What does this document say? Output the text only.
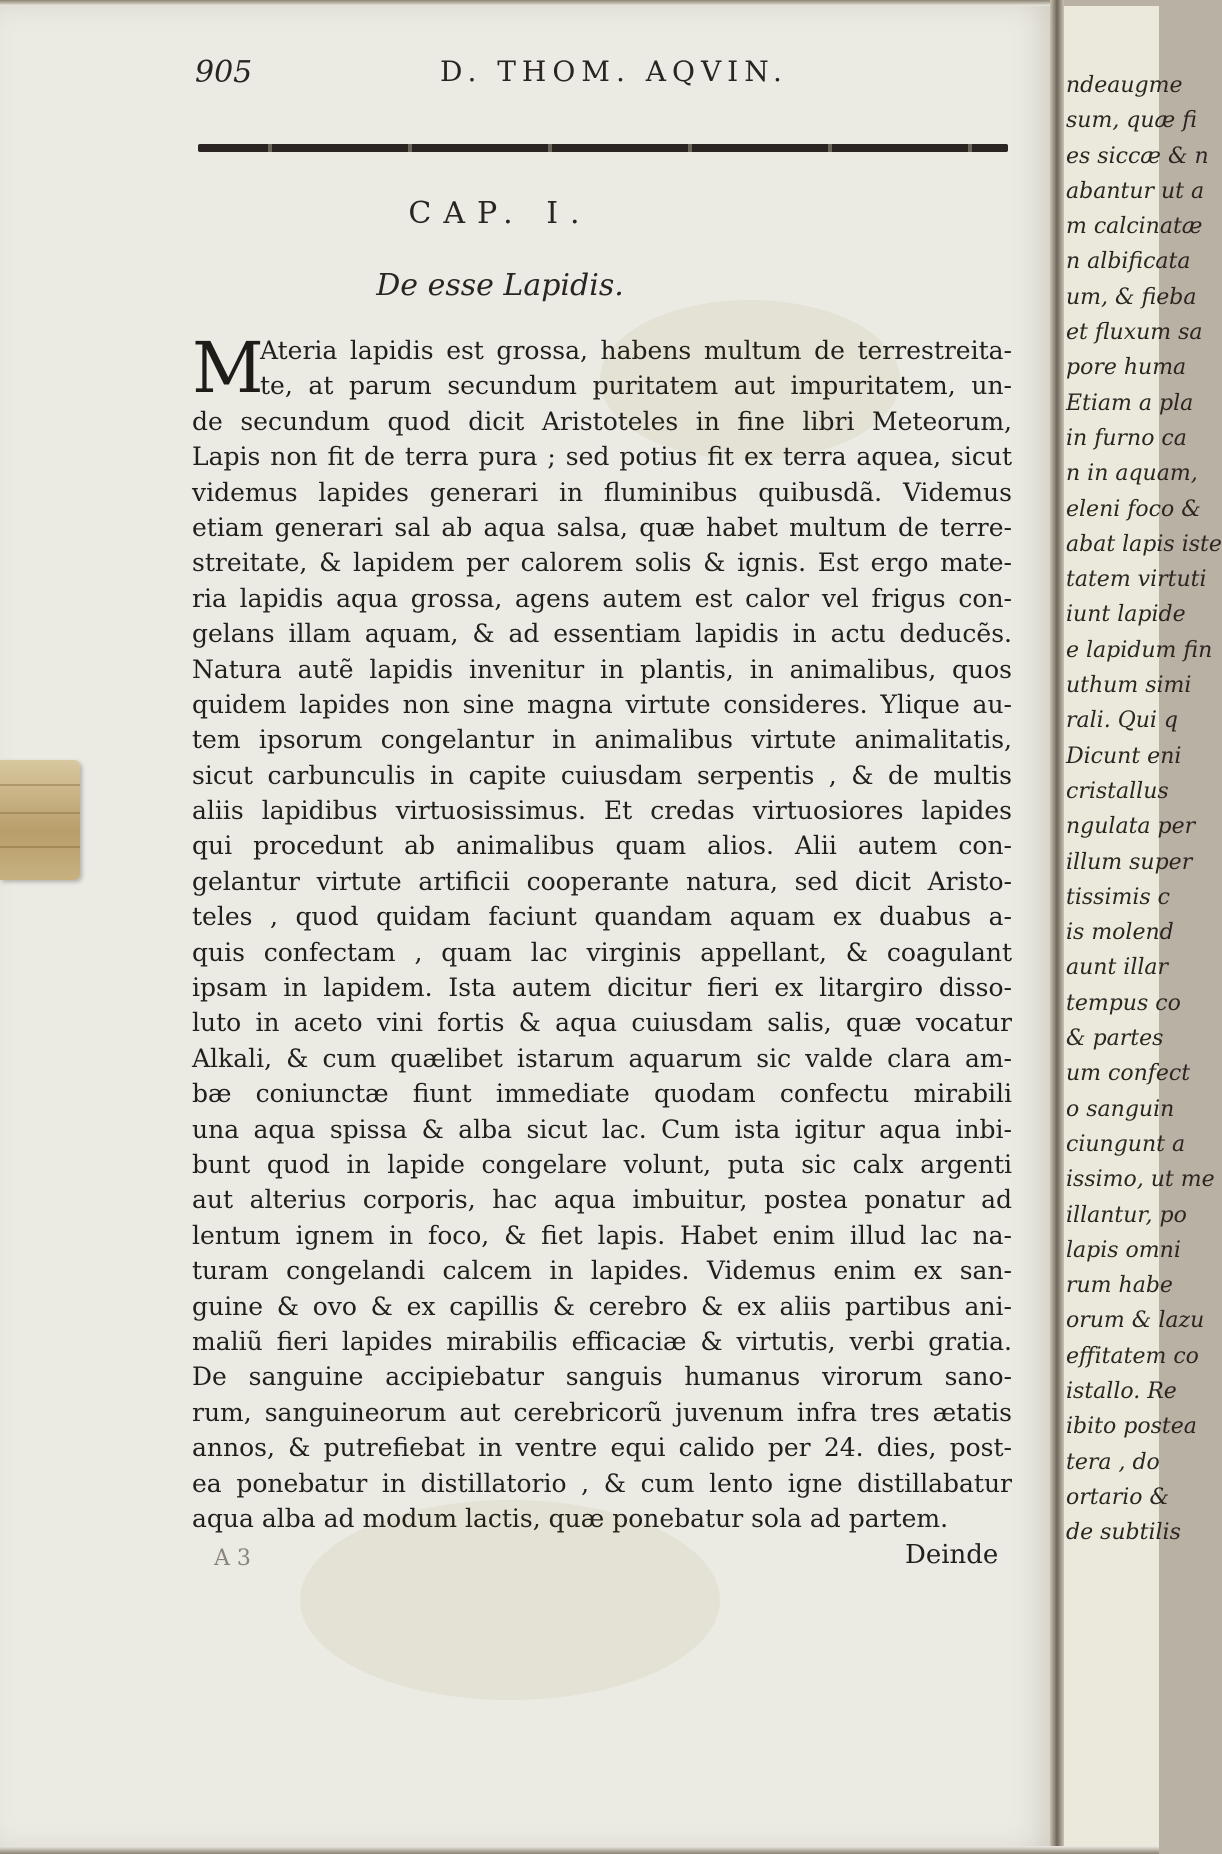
905	D. THOM. AQVIN.
CAP. I.
De esse Lapidis.
M
Ateria lapidis est grossa, habens multum de terrestreita-
te, at parum secundum puritatem aut impuritatem, un-
de secundum quod dicit Aristoteles in fine libri Meteorum,
Lapis non fit de terra pura ; sed potius fit ex terra aquea, sicut
videmus lapides generari in fluminibus quibusdã. Videmus
etiam generari sal ab aqua salsa, quæ habet multum de terre-
streitate, & lapidem per calorem solis & ignis. Est ergo mate-
ria lapidis aqua grossa, agens autem est calor vel frigus con-
gelans illam aquam, & ad essentiam lapidis in actu deducẽs.
Natura autẽ lapidis invenitur in plantis, in animalibus, quos
quidem lapides non sine magna virtute consideres. Ylique au-
tem ipsorum congelantur in animalibus virtute animalitatis,
sicut carbunculis in capite cuiusdam serpentis , & de multis
aliis lapidibus virtuosissimus. Et credas virtuosiores lapides
qui procedunt ab animalibus quam alios. Alii autem con-
gelantur virtute artificii cooperante natura, sed dicit Aristo-
teles , quod quidam faciunt quandam aquam ex duabus a-
quis confectam , quam lac virginis appellant, & coagulant
ipsam in lapidem. Ista autem dicitur fieri ex litargiro disso-
luto in aceto vini fortis & aqua cuiusdam salis, quæ vocatur
Alkali, & cum quælibet istarum aquarum sic valde clara am-
bæ coniunctæ fiunt immediate quodam confectu mirabili
una aqua spissa & alba sicut lac. Cum ista igitur aqua inbi-
bunt quod in lapide congelare volunt, puta sic calx argenti
aut alterius corporis, hac aqua imbuitur, postea ponatur ad
lentum ignem in foco, & fiet lapis. Habet enim illud lac na-
turam congelandi calcem in lapides. Videmus enim ex san-
guine & ovo & ex capillis & cerebro & ex aliis partibus ani-
maliũ fieri lapides mirabilis efficaciæ & virtutis, verbi gratia.
De sanguine accipiebatur sanguis humanus virorum sano-
rum, sanguineorum aut cerebricorũ juvenum infra tres ætatis
annos, & putrefiebat in ventre equi calido per 24. dies, post-
ea ponebatur in distillatorio , & cum lento igne distillabatur
aqua alba ad modum lactis, quæ ponebatur sola ad partem.
A 3	Deinde
ndeaugme
sum, quæ fi
es siccæ & n
abantur ut a
m calcinatæ
n albificata
um, & fieba
et fluxum sa
pore huma
Etiam a pla
in furno ca
n in aquam,
eleni foco &
abat lapis iste
tatem virtuti
iunt lapide
e lapidum fin
uthum simi
rali. Qui q
Dicunt eni
cristallus
ngulata per
illum super
tissimis c
is molend
aunt illar
tempus co
& partes
um confect
o sanguin
ciungunt a
issimo, ut me
illantur, po
lapis omni
rum habe
orum & lazu
effitatem co
istallo. Re
ibito postea
tera , do
ortario &
de subtilis
